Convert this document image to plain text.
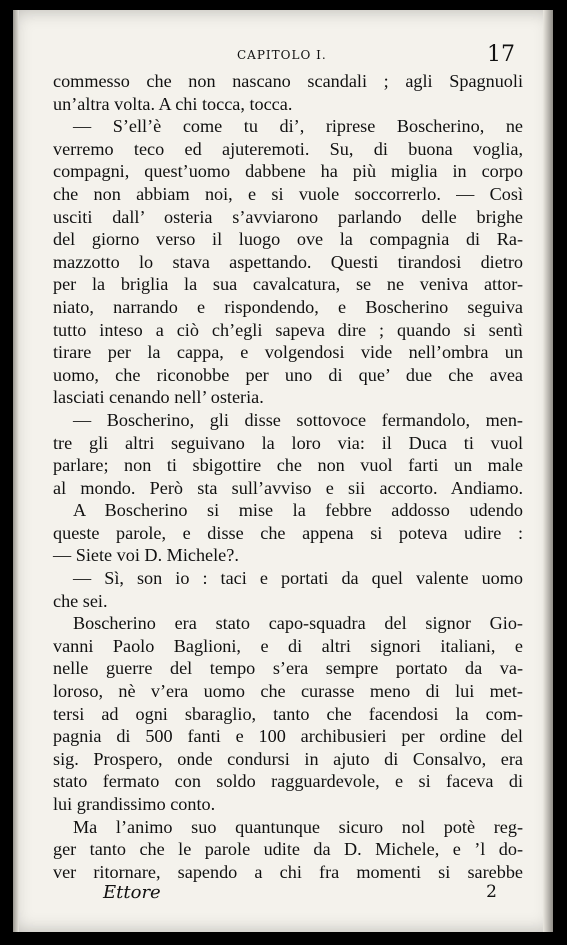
CAPITOLO I.	17
commesso che non nascano scandali ; agli Spagnuoli
un’altra volta. A chi tocca, tocca.
— S’ell’è come tu di’, riprese Boscherino, ne
verremo teco ed ajuteremoti. Su, di buona voglia,
compagni, quest’uomo dabbene ha più miglia in corpo
che non abbiam noi, e si vuole soccorrerlo. — Così
usciti dall’ osteria s’avviarono parlando delle brighe
del giorno verso il luogo ove la compagnia di Ra-
mazzotto lo stava aspettando. Questi tirandosi dietro
per la briglia la sua cavalcatura, se ne veniva attor-
niato, narrando e rispondendo, e Boscherino seguiva
tutto inteso a ciò ch’egli sapeva dire ; quando si sentì
tirare per la cappa, e volgendosi vide nell’ombra un
uomo, che riconobbe per uno di que’ due che avea
lasciati cenando nell’ osteria.
— Boscherino, gli disse sottovoce fermandolo, men-
tre gli altri seguivano la loro via: il Duca ti vuol
parlare; non ti sbigottire che non vuol farti un male
al mondo. Però sta sull’avviso e sii accorto. Andiamo.
A Boscherino si mise la febbre addosso udendo
queste parole, e disse che appena si poteva udire :
— Siete voi D. Michele?.
— Sì, son io : taci e portati da quel valente uomo
che sei.
Boscherino era stato capo-squadra del signor Gio-
vanni Paolo Baglioni, e di altri signori italiani, e
nelle guerre del tempo s’era sempre portato da va-
loroso, nè v’era uomo che curasse meno di lui met-
tersi ad ogni sbaraglio, tanto che facendosi la com-
pagnia di 500 fanti e 100 archibusieri per ordine del
sig. Prospero, onde condursi in ajuto di Consalvo, era
stato fermato con soldo ragguardevole, e si faceva di
lui grandissimo conto.
Ma l’animo suo quantunque sicuro nol potè reg-
ger tanto che le parole udite da D. Michele, e ’l do-
ver ritornare, sapendo a chi fra momenti si sarebbe
Ettore	2
